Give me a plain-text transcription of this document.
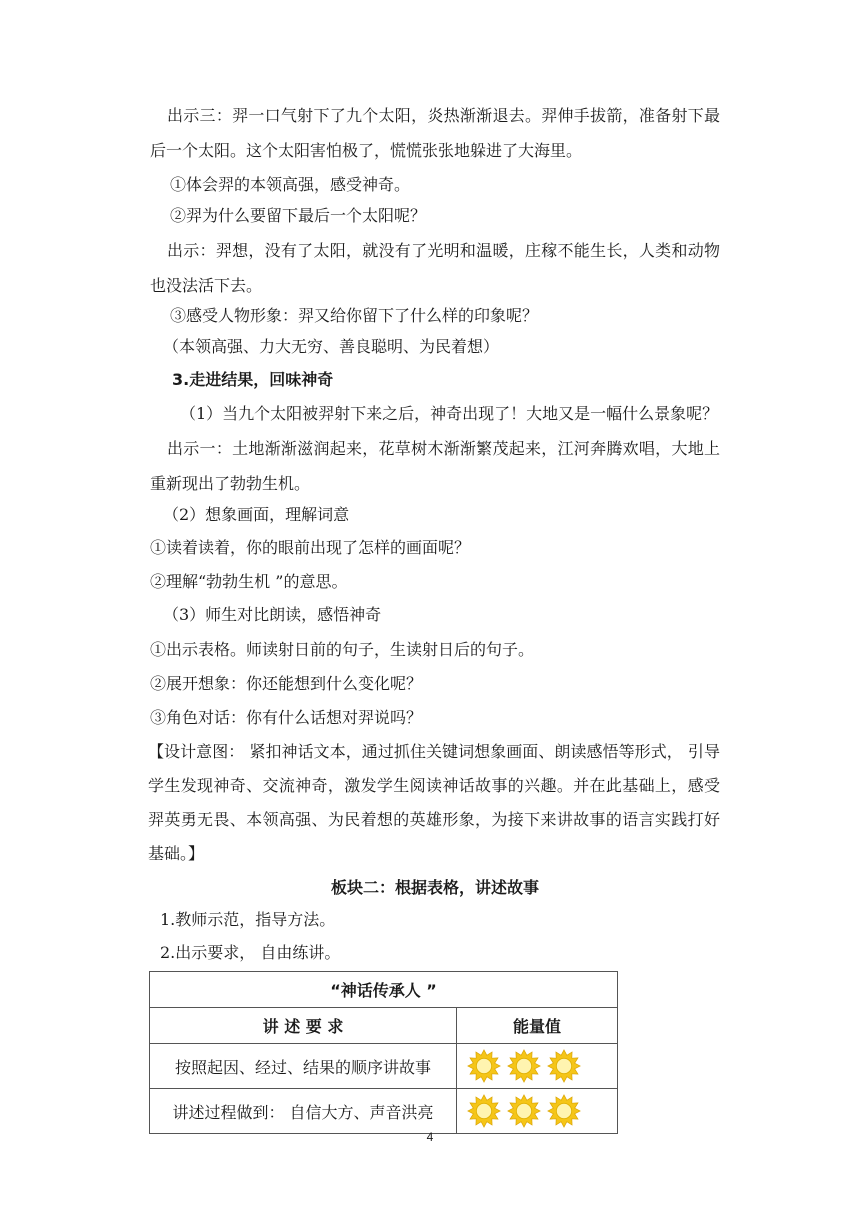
出示三：羿一口气射下了九个太阳，炎热渐渐退去。羿伸手拔箭，准备射下最后一个太阳。这个太阳害怕极了，慌慌张张地躲进了大海里。

①体会羿的本领高强，感受神奇。

②羿为什么要留下最后一个太阳呢？

出示：羿想，没有了太阳，就没有了光明和温暖，庄稼不能生长，人类和动物也没法活下去。

③感受人物形象：羿又给你留下了什么样的印象呢？

（本领高强、力大无穷、善良聪明、为民着想）

3.走进结果，回味神奇

（1）当九个太阳被羿射下来之后，神奇出现了！大地又是一幅什么景象呢？

出示一：土地渐渐滋润起来，花草树木渐渐繁茂起来，江河奔腾欢唱，大地上重新现出了勃勃生机。

（2）想象画面，理解词意

①读着读着，你的眼前出现了怎样的画面呢？

②理解“勃勃生机 ”的意思。

（3）师生对比朗读，感悟神奇

①出示表格。师读射日前的句子，生读射日后的句子。

②展开想象：你还能想到什么变化呢？

③角色对话：你有什么话想对羿说吗？

【设计意图： 紧扣神话文本，通过抓住关键词想象画面、朗读感悟等形式， 引导学生发现神奇、交流神奇，激发学生阅读神话故事的兴趣。并在此基础上，感受羿英勇无畏、本领高强、为民着想的英雄形象，为接下来讲故事的语言实践打好基础。】

板块二：根据表格，讲述故事

1.教师示范，指导方法。

2.出示要求， 自由练讲。

“神话传承人 ”	
讲 述 要 求	能量值
按照起因、经过、结果的顺序讲故事	

讲述过程做到： 自信大方、声音洪亮	
4
